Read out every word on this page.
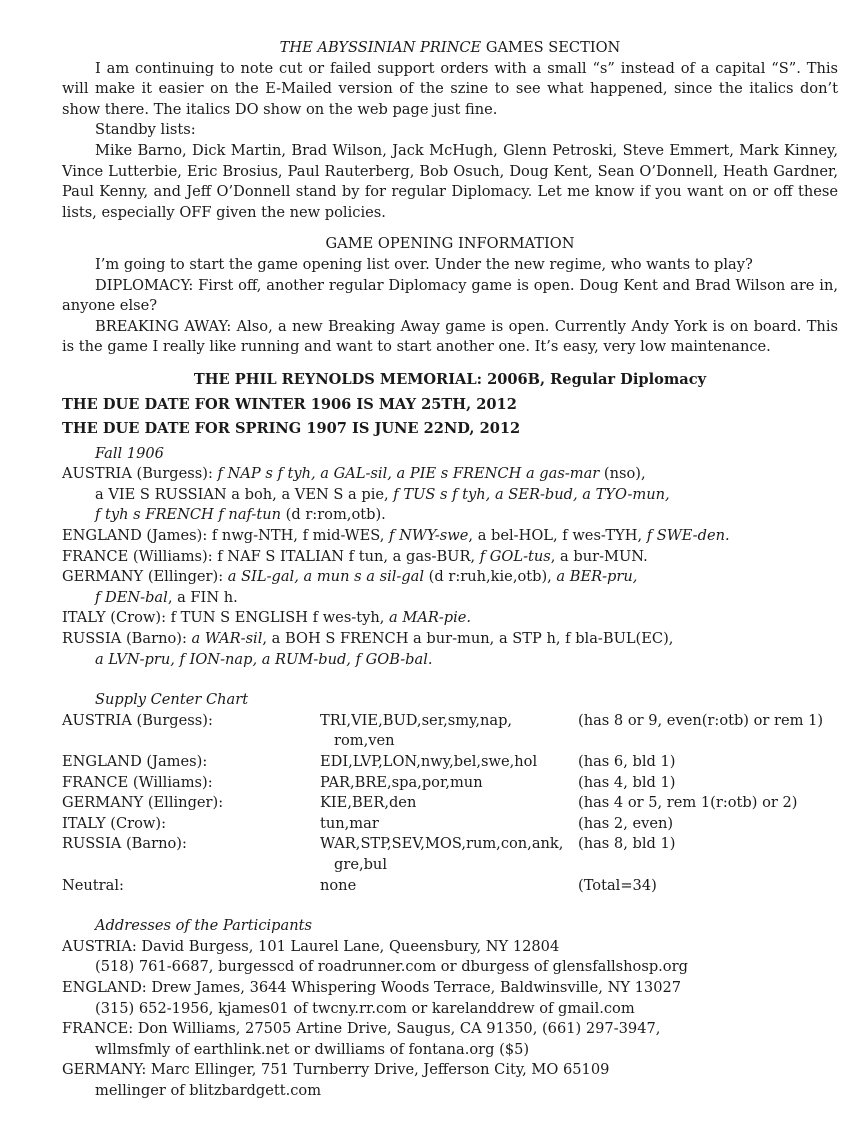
THE ABYSSINIAN PRINCE GAMES SECTION

I am continuing to note cut or failed support orders with a small “s” instead of a capital “S”. This will make it easier on the E-Mailed version of the szine to see what happened, since the italics don’t show there. The italics DO show on the web page just fine.

Standby lists:

Mike Barno, Dick Martin, Brad Wilson, Jack McHugh, Glenn Petroski, Steve Emmert, Mark Kinney, Vince Lutterbie, Eric Brosius, Paul Rauterberg, Bob Osuch, Doug Kent, Sean O’Donnell, Heath Gardner, Paul Kenny, and Jeff O’Donnell stand by for regular Diplomacy. Let me know if you want on or off these lists, especially OFF given the new policies.

GAME OPENING INFORMATION

I’m going to start the game opening list over. Under the new regime, who wants to play?

DIPLOMACY: First off, another regular Diplomacy game is open. Doug Kent and Brad Wilson are in, anyone else?

BREAKING AWAY: Also, a new Breaking Away game is open. Currently Andy York is on board. This is the game I really like running and want to start another one. It’s easy, very low maintenance.

THE PHIL REYNOLDS MEMORIAL: 2006B, Regular Diplomacy
THE DUE DATE FOR WINTER 1906 IS MAY 25TH, 2012
THE DUE DATE FOR SPRING 1907 IS JUNE 22ND, 2012
Fall 1906
AUSTRIA (Burgess): f NAP s f tyh, a GAL-sil, a PIE s FRENCH a gas-mar (nso),
a VIE S RUSSIAN a boh, a VEN S a pie, f TUS s f tyh, a SER-bud, a TYO-mun,
f tyh s FRENCH f naf-tun (d r:rom,otb).
ENGLAND (James): f nwg-NTH, f mid-WES, f NWY-swe, a bel-HOL, f wes-TYH, f SWE-den.
FRANCE (Williams): f NAF S ITALIAN f tun, a gas-BUR, f GOL-tus, a bur-MUN.
GERMANY (Ellinger): a SIL-gal, a mun s a sil-gal (d r:ruh,kie,otb), a BER-pru,
f DEN-bal, a FIN h.
ITALY (Crow): f TUN S ENGLISH f wes-tyh, a MAR-pie.
RUSSIA (Barno): a WAR-sil, a BOH S FRENCH a bur-mun, a STP h, f bla-BUL(EC),
a LVN-pru, f ION-nap, a RUM-bud, f GOB-bal.
Supply Center Chart
AUSTRIA (Burgess):	TRI,VIE,BUD,ser,smy,nap,
rom,ven	(has 8 or 9, even(r:otb) or rem 1)
ENGLAND (James):	EDI,LVP,LON,nwy,bel,swe,hol	(has 6, bld 1)
FRANCE (Williams):	PAR,BRE,spa,por,mun	(has 4, bld 1)
GERMANY (Ellinger):	KIE,BER,den	(has 4 or 5, rem 1(r:otb) or 2)
ITALY (Crow):	tun,mar	(has 2, even)
RUSSIA (Barno):	WAR,STP,SEV,MOS,rum,con,ank,
gre,bul	(has 8, bld 1)
Neutral:	none	(Total=34)
Addresses of the Participants
AUSTRIA: David Burgess, 101 Laurel Lane, Queensbury, NY 12804
(518) 761-6687, burgesscd of roadrunner.com or dburgess of glensfallshosp.org
ENGLAND: Drew James, 3644 Whispering Woods Terrace, Baldwinsville, NY 13027
(315) 652-1956, kjames01 of twcny.rr.com or karelanddrew of gmail.com
FRANCE: Don Williams, 27505 Artine Drive, Saugus, CA 91350, (661) 297-3947,
wllmsfmly of earthlink.net or dwilliams of fontana.org ($5)
GERMANY: Marc Ellinger, 751 Turnberry Drive, Jefferson City, MO 65109
mellinger of blitzbardgett.com
